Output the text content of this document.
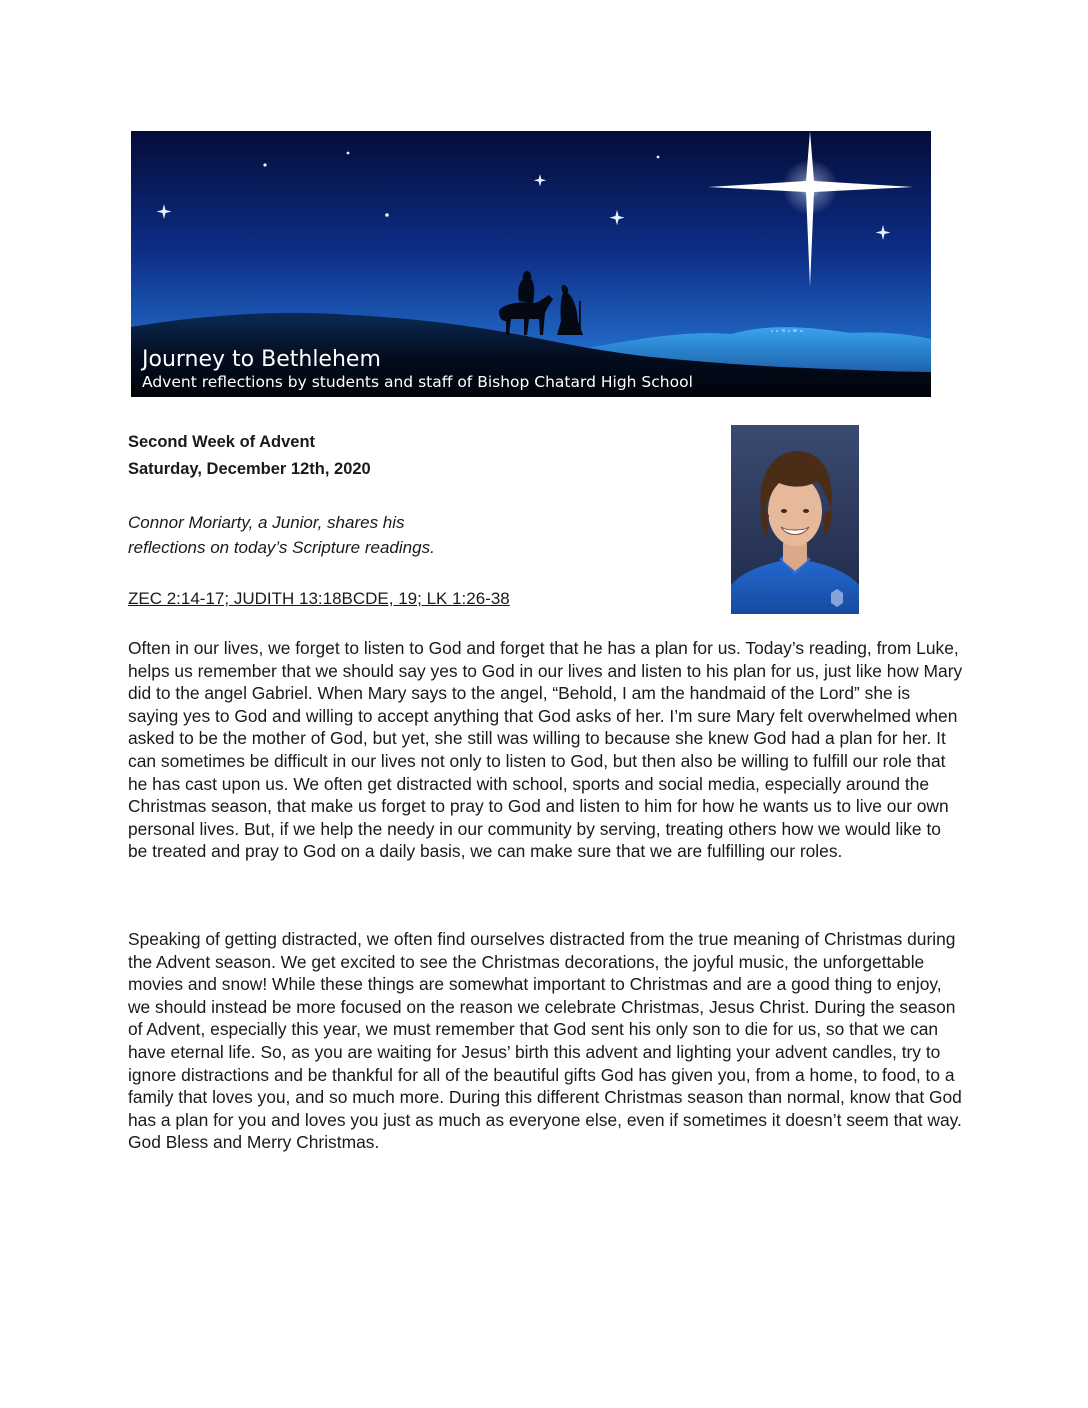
Journey to Bethlehem
Advent reflections by students and staff of Bishop Chatard High School
Second Week of Advent
Saturday, December 12th, 2020
Connor Moriarty, a Junior, shares his
reflections on today’s Scripture readings.
ZEC 2:14-17; JUDITH 13:18BCDE, 19; LK 1:26-38
Often in our lives, we forget to listen to God and forget that he has a plan for us. Today’s reading, from Luke, helps us remember that we should say yes to God in our lives and listen to his plan for us, just like how Mary did to the angel Gabriel. When Mary says to the angel, “Behold, I am the handmaid of the Lord” she is saying yes to God and willing to accept anything that God asks of her. I’m sure Mary felt overwhelmed when asked to be the mother of God, but yet, she still was willing to because she knew God had a plan for her. It can sometimes be difficult in our lives not only to listen to God, but then also be willing to fulfill our role that he has cast upon us. We often get distracted with school, sports and social media, especially around the Christmas season, that make us forget to pray to God and listen to him for how he wants us to live our own personal lives. But, if we help the needy in our community by serving, treating others how we would like to be treated and pray to God on a daily basis, we can make sure that we are fulfilling our roles.
Speaking of getting distracted, we often find ourselves distracted from the true meaning of Christmas during the Advent season. We get excited to see the Christmas decorations, the joyful music, the unforgettable movies and snow! While these things are somewhat important to Christmas and are a good thing to enjoy, we should instead be more focused on the reason we celebrate Christmas, Jesus Christ. During the season of Advent, especially this year, we must remember that God sent his only son to die for us, so that we can have eternal life. So, as you are waiting for Jesus’ birth this advent and lighting your advent candles, try to ignore distractions and be thankful for all of the beautiful gifts God has given you, from a home, to food, to a family that loves you, and so much more. During this different Christmas season than normal, know that God has a plan for you and loves you just as much as everyone else, even if sometimes it doesn’t seem that way. God Bless and Merry Christmas.
